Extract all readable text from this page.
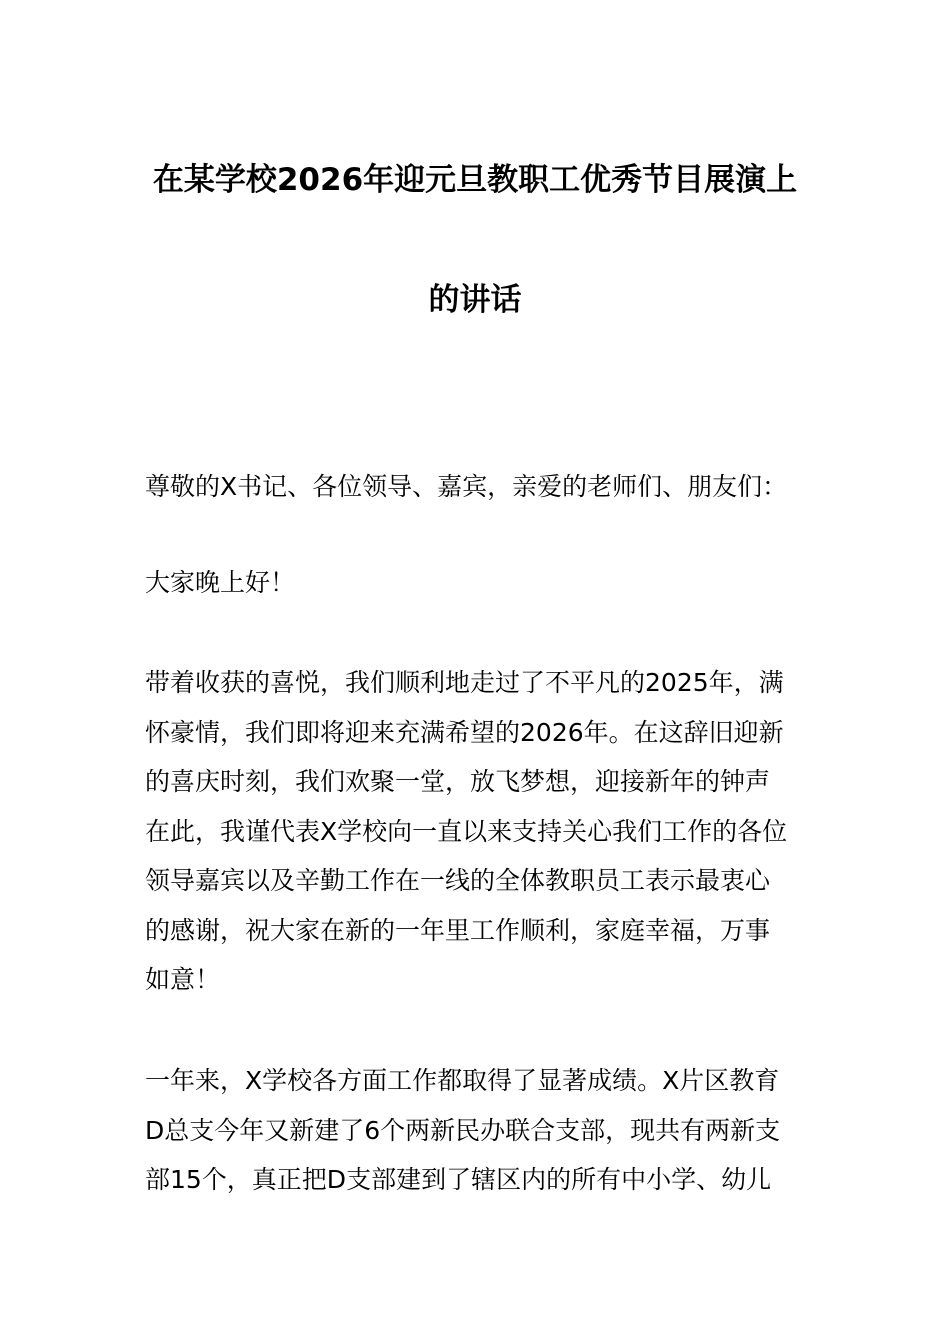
在某学校2026年迎元旦教职工优秀节目展演上
的讲话
尊敬的X书记、各位领导、嘉宾，亲爱的老师们、朋友们：
大家晚上好！
带着收获的喜悦，我们顺利地走过了不平凡的2025年，满
怀豪情，我们即将迎来充满希望的2026年。在这辞旧迎新
的喜庆时刻，我们欢聚一堂，放飞梦想，迎接新年的钟声
在此，我谨代表X学校向一直以来支持关心我们工作的各位
领导嘉宾以及辛勤工作在一线的全体教职员工表示最衷心
的感谢，祝大家在新的一年里工作顺利，家庭幸福，万事
如意！
一年来，X学校各方面工作都取得了显著成绩。X片区教育
D总支今年又新建了6个两新民办联合支部，现共有两新支
部15个，真正把D支部建到了辖区内的所有中小学、幼儿
